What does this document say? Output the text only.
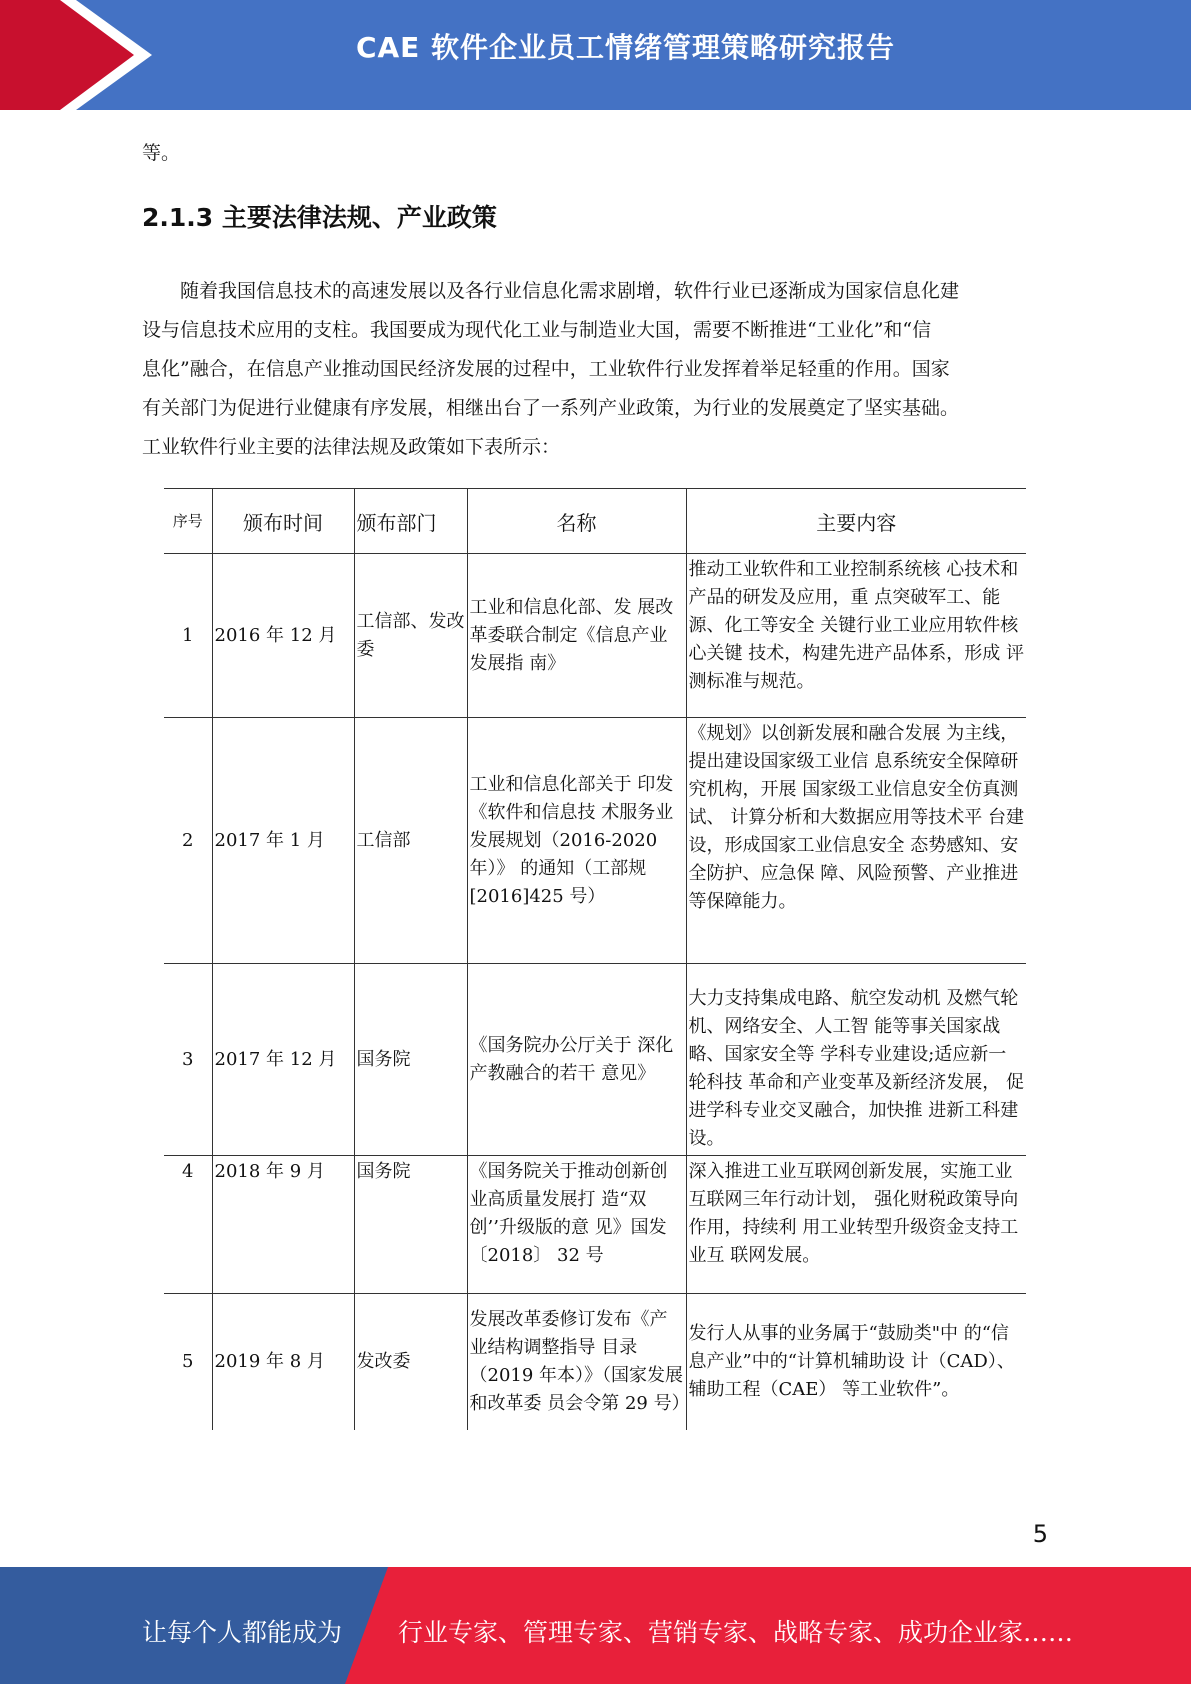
CAE 软件企业员工情绪管理策略研究报告
等。
2.1.3 主要法律法规、产业政策
　　随着我国信息技术的高速发展以及各行业信息化需求剧增，软件行业已逐渐成为国家信息化建
设与信息技术应用的支柱。我国要成为现代化工业与制造业大国，需要不断推进“工业化”和“信
息化”融合，在信息产业推动国民经济发展的过程中，工业软件行业发挥着举足轻重的作用。国家
有关部门为促进行业健康有序发展，相继出台了一系列产业政策，为行业的发展奠定了坚实基础。
工业软件行业主要的法律法规及政策如下表所示：
序号	颁布时间	颁布部门	名称	主要内容
1	2016 年 12 月	工信部、发改委	工业和信息化部、发 展改革委联合制定《信息产业发展指 南》	推动工业软件和工业控制系统核 心技术和产品的研发及应用，重 点突破军工、能源、化工等安全 关键行业工业应用软件核心关键 技术，构建先进产品体系，形成 评测标准与规范。
2	2017 年 1 月	工信部	工业和信息化部关于 印发《软件和信息技 术服务业发展规划（2016-2020 年）》 的通知（工部规 [2016]425 号）	《规划》以创新发展和融合发展 为主线，提出建设国家级工业信 息系统安全保障研究机构，开展 国家级工业信息安全仿真测试、 计算分析和大数据应用等技术平 台建设，形成国家工业信息安全 态势感知、安全防护、应急保 障、风险预警、产业推进等保障能力。
3	2017 年 12 月	国务院	《国务院办公厅关于 深化产教融合的若干 意见》	大力支持集成电路、航空发动机 及燃气轮机、网络安全、人工智 能等事关国家战略、国家安全等 学科专业建设;适应新一轮科技 革命和产业变革及新经济发展， 促进学科专业交叉融合，加快推 进新工科建设。
4	2018 年 9 月	国务院	《国务院关于推动创新创业高质量发展打 造“双创’’升级版的意 见》国发〔2018〕 32 号	深入推进工业互联网创新发展，实施工业互联网三年行动计划， 强化财税政策导向作用，持续利 用工业转型升级资金支持工业互 联网发展。
5	2019 年 8 月	发改委	发展改革委修订发布《产业结构调整指导 目录（2019 年本）》（国家发展和改革委 员会令第 29 号）	发行人从事的业务属于“鼓励类"中 的“信息产业”中的“计算机辅助设 计（CAD）、辅助工程（CAE） 等工业软件”。
5
让每个人都能成为 行业专家、管理专家、营销专家、战略专家、成功企业家……
